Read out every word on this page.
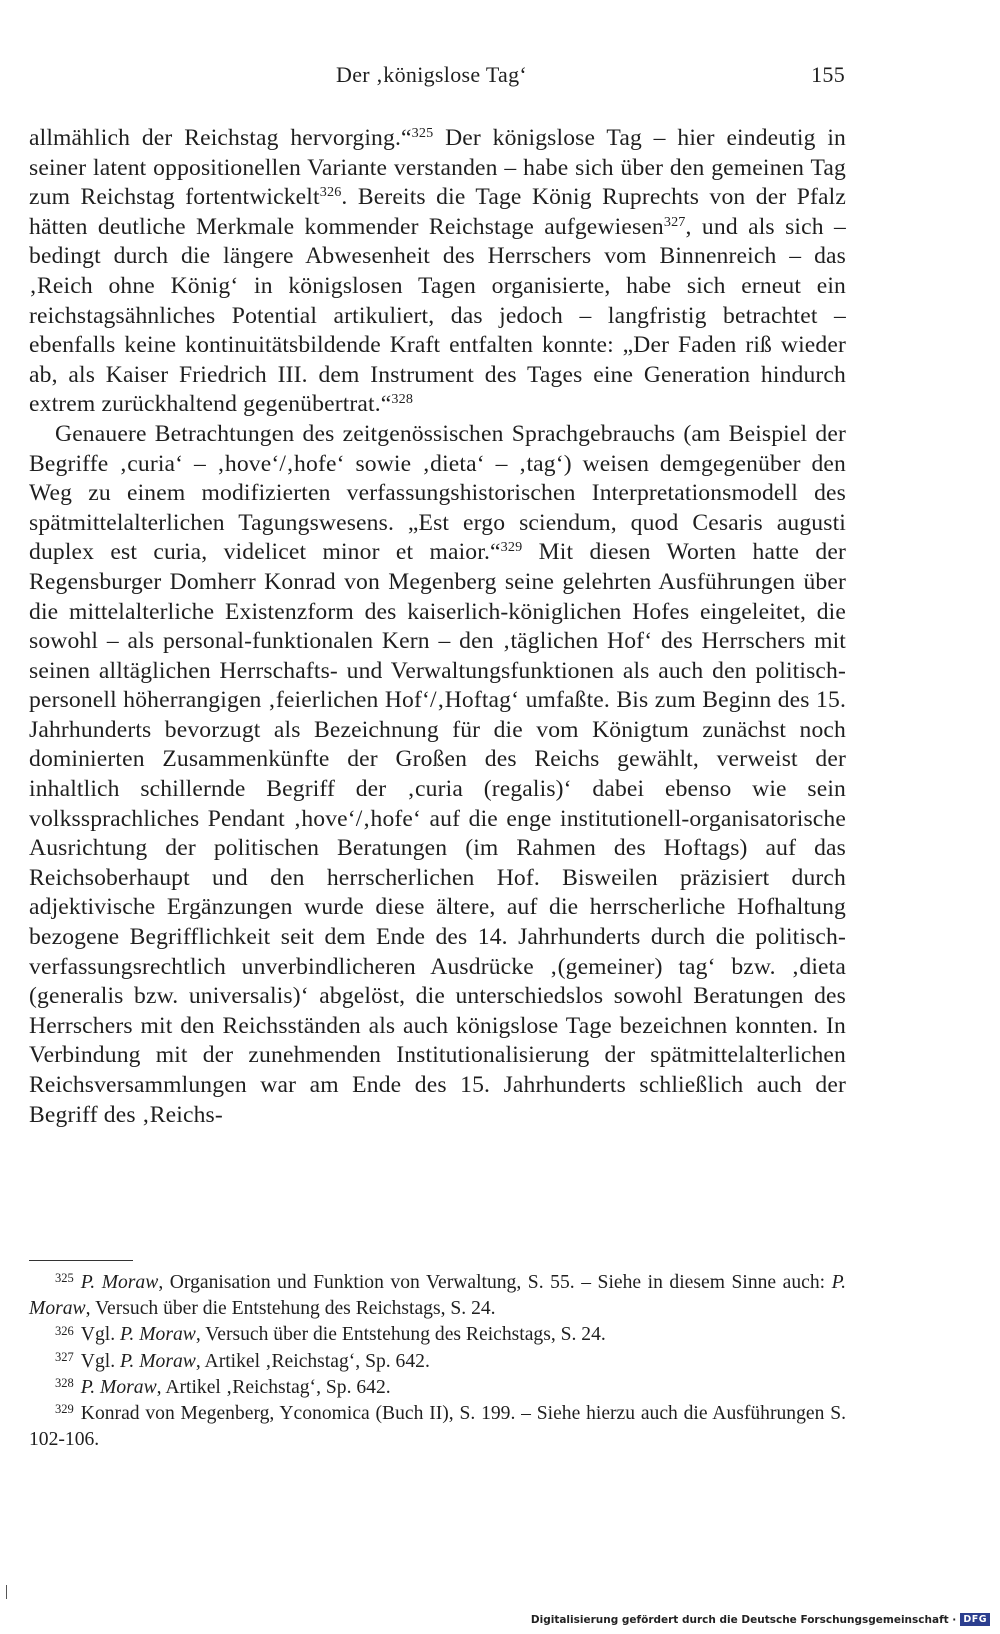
Der ‚königslose Tag‘	155

allmählich der Reichstag hervorging.“$^{325}$ Der königslose Tag – hier eindeutig in seiner latent oppositionellen Variante verstanden – habe sich über den gemeinen Tag zum Reichstag fortentwickelt$^{326}$. Bereits die Tage König Ruprechts von der Pfalz hätten deutliche Merkmale kommender Reichstage aufgewiesen$^{327}$, und als sich – bedingt durch die längere Abwesenheit des Herrschers vom Binnenreich – das ‚Reich ohne König‘ in königslosen Tagen organisierte, habe sich erneut ein reichstagsähnliches Potential artikuliert, das jedoch – langfristig betrachtet – ebenfalls keine kontinuitätsbildende Kraft entfalten konnte: „Der Faden riß wieder ab, als Kaiser Friedrich III. dem Instrument des Tages eine Generation hindurch extrem zurückhaltend gegenübertrat.“$^{328}$

Genauere Betrachtungen des zeitgenössischen Sprachgebrauchs (am Beispiel der Begriffe ‚curia‘ – ‚hove‘/‚hofe‘ sowie ‚dieta‘ – ‚tag‘) weisen demgegenüber den Weg zu einem modifizierten verfassungshistorischen Interpretationsmodell des spätmittelalterlichen Tagungswesens. „Est ergo sciendum, quod Cesaris augusti duplex est curia, videlicet minor et maior.“$^{329}$ Mit diesen Worten hatte der Regensburger Domherr Konrad von Megenberg seine gelehrten Ausführungen über die mittelalterliche Existenzform des kaiserlich-königlichen Hofes eingeleitet, die sowohl – als personal-funktionalen Kern – den ‚täglichen Hof‘ des Herrschers mit seinen alltäglichen Herrschafts- und Verwaltungsfunktionen als auch den politisch-personell höherrangigen ‚feierlichen Hof‘/‚Hoftag‘ umfaßte. Bis zum Beginn des 15. Jahrhunderts bevorzugt als Bezeichnung für die vom Königtum zunächst noch dominierten Zusammenkünfte der Großen des Reichs gewählt, verweist der inhaltlich schillernde Begriff der ‚curia (regalis)‘ dabei ebenso wie sein volkssprachliches Pendant ‚hove‘/‚hofe‘ auf die enge institutionell-organisatorische Ausrichtung der politischen Beratungen (im Rahmen des Hoftags) auf das Reichsoberhaupt und den herrscherlichen Hof. Bisweilen präzisiert durch adjektivische Ergänzungen wurde diese ältere, auf die herrscherliche Hofhaltung bezogene Begrifflichkeit seit dem Ende des 14. Jahrhunderts durch die politisch-verfassungsrechtlich unverbindlicheren Ausdrücke ‚(gemeiner) tag‘ bzw. ‚dieta (generalis bzw. universalis)‘ abgelöst, die unterschiedslos sowohl Beratungen des Herrschers mit den Reichsständen als auch königslose Tage bezeichnen konnten. In Verbindung mit der zunehmenden Institutionalisierung der spätmittelalterlichen Reichsversammlungen war am Ende des 15. Jahrhunderts schließlich auch der Begriff des ‚Reichs-

$^{325}$ P. Moraw, Organisation und Funktion von Verwaltung, S. 55. – Siehe in diesem Sinne auch: P. Moraw, Versuch über die Entstehung des Reichstags, S. 24.

$^{326}$ Vgl. P. Moraw, Versuch über die Entstehung des Reichstags, S. 24.

$^{327}$ Vgl. P. Moraw, Artikel ‚Reichstag‘, Sp. 642.

$^{328}$ P. Moraw, Artikel ‚Reichstag‘, Sp. 642.

$^{329}$ Konrad von Megenberg, Yconomica (Buch II), S. 199. – Siehe hierzu auch die Ausführungen S. 102-106.

Digitalisierung gefördert durch die Deutsche Forschungsgemeinschaft · DFG
